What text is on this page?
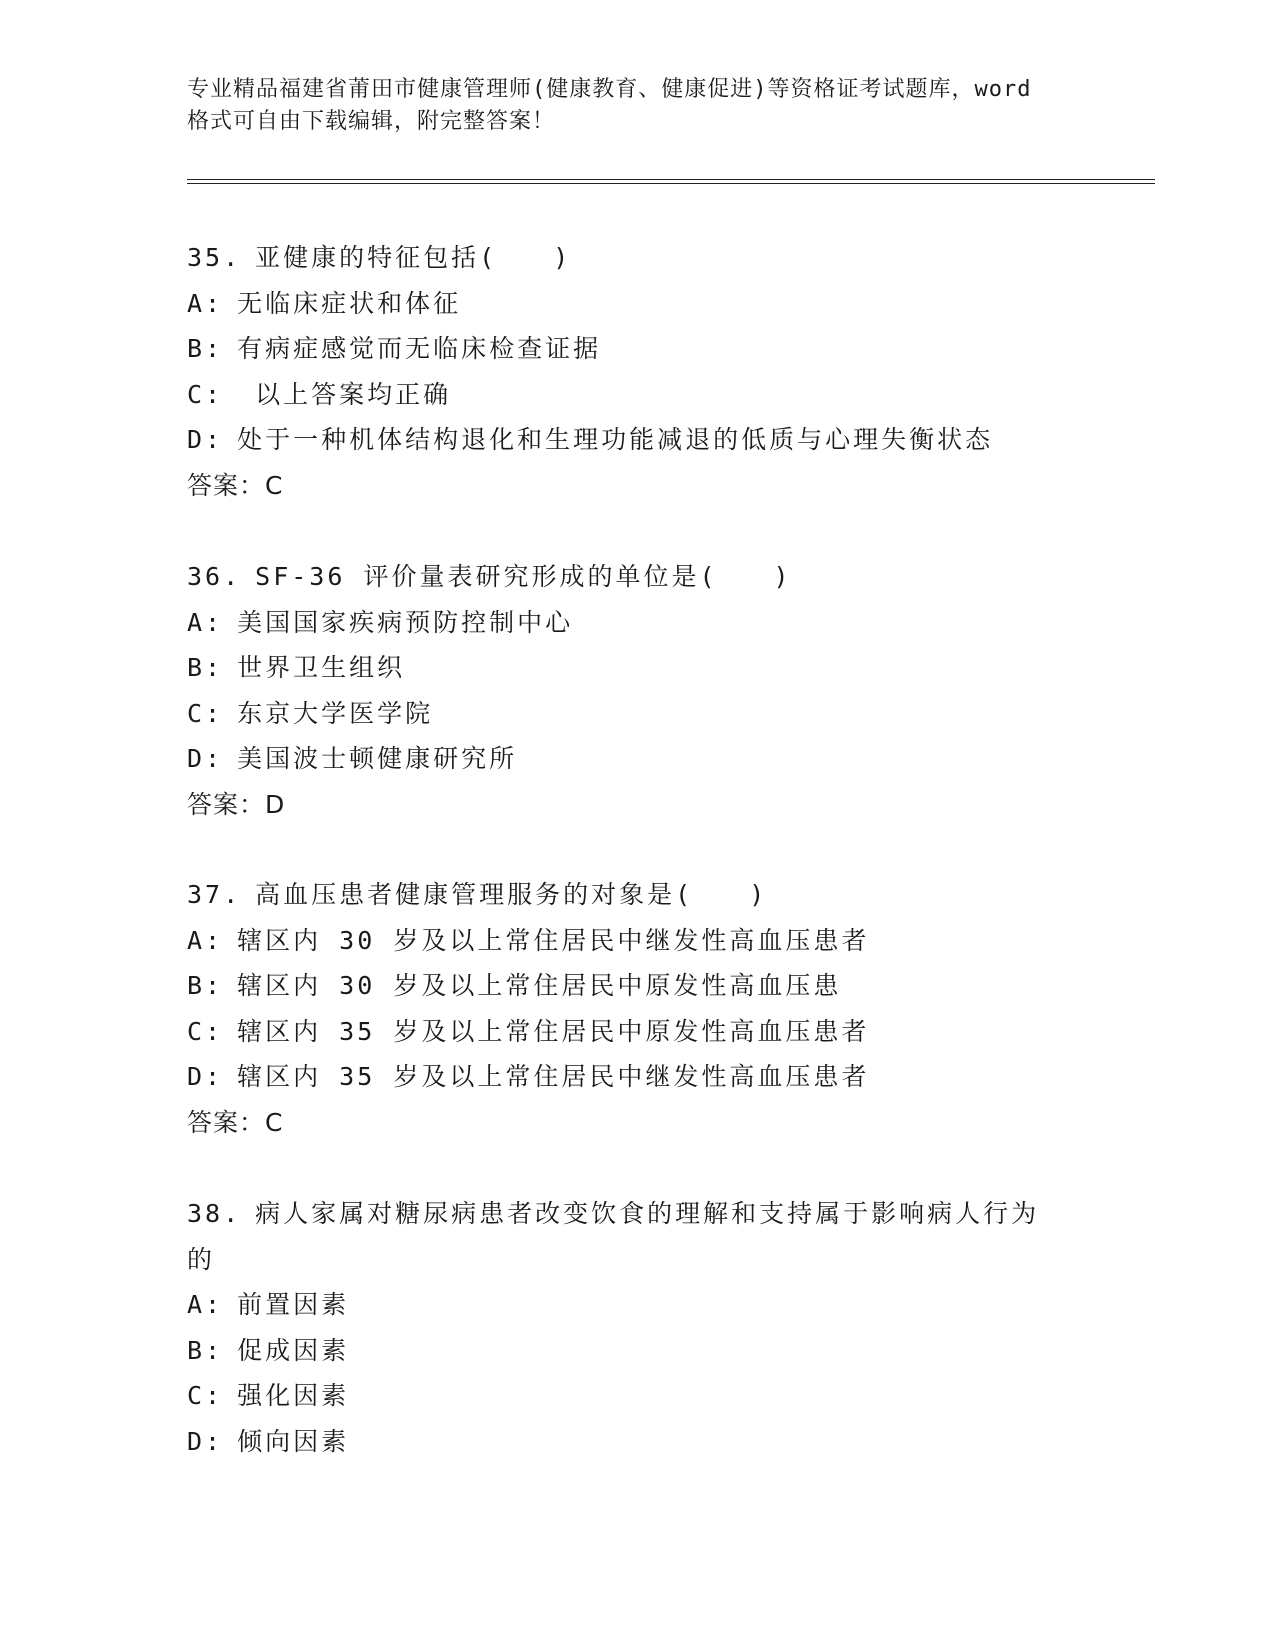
专业精品福建省莆田市健康管理师(健康教育、健康促进)等资格证考试题库，word
格式可自由下载编辑，附完整答案！
35. 亚健康的特征包括(　　)
A: 无临床症状和体征
B: 有病症感觉而无临床检查证据
C: 以上答案均正确
D: 处于一种机体结构退化和生理功能减退的低质与心理失衡状态
答案：C
36. SF-36 评价量表研究形成的单位是(　　)
A: 美国国家疾病预防控制中心
B: 世界卫生组织
C: 东京大学医学院
D: 美国波士顿健康研究所
答案：D
37. 高血压患者健康管理服务的对象是(　　)
A: 辖区内 30 岁及以上常住居民中继发性高血压患者
B: 辖区内 30 岁及以上常住居民中原发性高血压患
C: 辖区内 35 岁及以上常住居民中原发性高血压患者
D: 辖区内 35 岁及以上常住居民中继发性高血压患者
答案：C
38. 病人家属对糖尿病患者改变饮食的理解和支持属于影响病人行为的
A: 前置因素
B: 促成因素
C: 强化因素
D: 倾向因素
